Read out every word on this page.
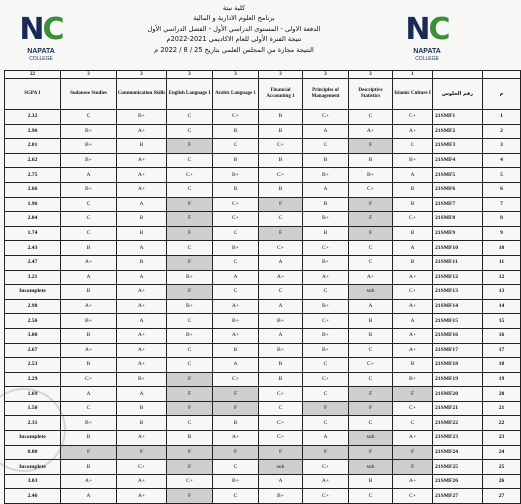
NC
NAPATA
COLLEGE
NC
NAPATA
COLLEGE
كلية نبتة
برنامج العلوم الادارية و المالية
الدفعة الاولى - المستوى الدراسي الأول - الفصل الدراسي الأول
نتيجة الفترة الأولى للعام الاكاديمي 2021-2022م
النتيجة مجازة من المجلس العلمي بتاريخ 25 / 8 / 2022 م
22	3	3	3	3	3	3	3	1		
SGPA 1	Sudanese Studies	Communication Skills	English Language I	Arabic Language 1	Financial Accounting 1	Principles of Management	Descriptive Statistics	Islamic Culture I	رقم الجلوس	م
2.32	C	B+	C	C+	B	C+	C	C+	21SMF1	1
2.96	B+	A+	C	B	B	A	A+	A+	21SMF2	2
2.01	B+	B	F	C	C+	C	F	C	21SMF3	3
2.62	B+	A+	C	B	B	B	B	B+	21SMF4	4
2.75	A	A+	C+	B+	C+	B+	B+	A	21SMF5	5
2.66	B+	A+	C	B	B	A	C+	B	21SMF6	6
1.96	C	A	F	C+	F	B	F	B	21SMF7	7
2.04	C	B	F	C+	C	B+	F	C+	21SMF8	8
1.74	C	B	F	C	F	B	F	B	21SMF9	9
2.43	B	A	C	B+	C+	C+	C	A	21SMF10	10
2.47	A+	B	F	C	A	B+	C	B	21SMF11	11
3.21	A	A	B+	A	A+	A+	A+	A+	21SMF12	12
Incomplete	B	A+	F	C	C	C	sub	C+	21SMF13	13
2.98	A+	A+	B+	A+	A	B+	A	A+	21SMF14	14
2.56	B+	A	C	B+	B+	C+	B	A	21SMF15	15
3.00	B	A+	B+	A+	A	B+	B	A+	21SMF16	16
2.67	A+	A+	C	B	B+	B+	C	A+	21SMF17	17
2.53	B	A+	C	A	B	C	C+	B	21SMF18	18
2.29	C+	B+	F	C+	B	C+	C	B+	21SMF19	19
1.69	A	A	F	F	C+	C	F	F	21SMF20	20
1.50	C	B	F	F	C	F	F	C+	21SMF21	21
2.31	B+	B	C	B	C+	C	C	C	21SMF22	22
Incomplete	B	A+	B	A+	C+	A	sub	A+	21SMF23	23
0.00	F	F	F	F	F	F	F	F	21SMF24	24
Incomplete	B	C+	F	C	sub	C+	sub	F	21SMF25	25
3.03	A+	A+	C+	B+	A	A+	B	A+	21SMF26	26
2.46	A	A+	F	C	B+	C+	C	C+	21SMF27	27
